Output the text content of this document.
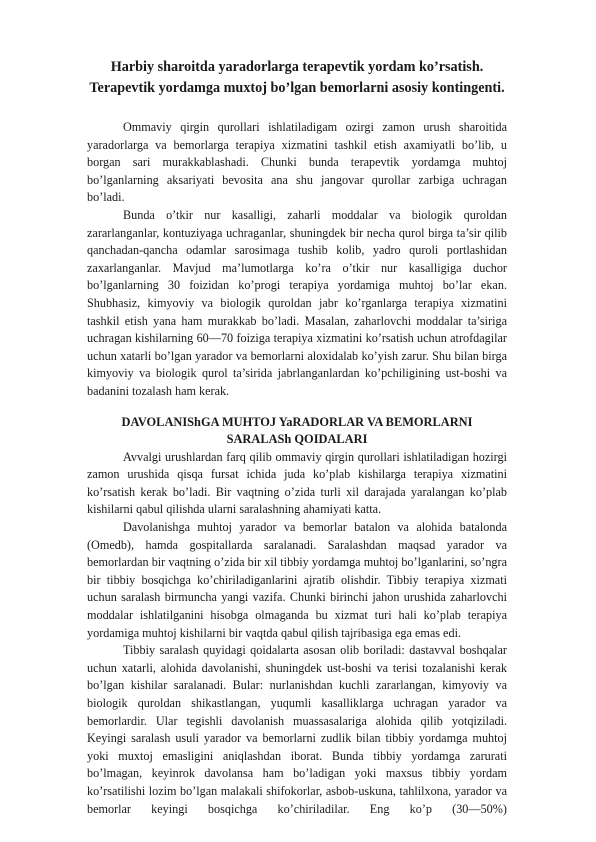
Harbiy sharoitda yaradorlarga terapevtik yordam ko’rsatish.
Terapevtik yordamga muxtoj bo’lgan bemorlarni asosiy kontingenti.

Ommaviy qirgin qurollari ishlatiladigam ozirgi zamon urush sharoitida yaradorlarga va bemorlarga terapiya xizmatini tashkil etish axamiyatli bo’lib, u borgan sari murakkablashadi. Chunki bunda terapevtik yordamga muhtoj bo’lganlarning aksariyati bevosita ana shu jangovar qurollar zarbiga uchragan bo’ladi.

Bunda o’tkir nur kasalligi, zaharli moddalar va biologik quroldan zararlanganlar, kontuziyaga uchraganlar, shuningdek bir necha qurol birga ta’sir qilib qanchadan-qancha odamlar sarosimaga tushib kolib, yadro quroli portlashidan zaxarlanganlar. Mavjud ma’lumotlarga ko’ra o’tkir nur kasalligiga duchor bo’lganlarning 30 foizidan ko’progi terapiya yordamiga muhtoj bo’lar ekan. Shubhasiz, kimyoviy va biologik quroldan jabr ko’rganlarga terapiya xizmatini tashkil etish yana ham murakkab bo’ladi. Masalan, zaharlovchi moddalar ta’siriga uchragan kishilarning 60—70 foiziga terapiya xizmatini ko’rsatish uchun atrofdagilar uchun xatarli bo’lgan yarador va bemorlarni aloxidalab ko’yish zarur. Shu bilan birga kimyoviy va biologik qurol ta’sirida jabrlanganlardan ko’pchiligining ust-boshi va badanini tozalash ham kerak.

DAVOLANIShGA MUHTOJ YaRADORLAR VA BEMORLARNI
SARALASh QOIDALARI

Avvalgi urushlardan farq qilib ommaviy qirgin qurollari ishlatiladigan hozirgi zamon urushida qisqa fursat ichida juda ko’plab kishilarga terapiya xizmatini ko’rsatish kerak bo’ladi. Bir vaqtning o’zida turli xil darajada yaralangan ko’plab kishilarni qabul qilishda ularni saralashning ahamiyati katta.

Davolanishga muhtoj yarador va bemorlar batalon va alohida batalonda (Omedb), hamda gospitallarda saralanadi. Saralashdan maqsad yarador va bemorlardan bir vaqtning o’zida bir xil tibbiy yordamga muhtoj bo’lganlarini, so’ngra bir tibbiy bosqichga ko’chiriladiganlarini ajratib olishdir. Tibbiy terapiya xizmati uchun saralash birmuncha yangi vazifa. Chunki birinchi jahon urushida zaharlovchi moddalar ishlatilganini hisobga olmaganda bu xizmat turi hali ko’plab terapiya yordamiga muhtoj kishilarni bir vaqtda qabul qilish tajribasiga ega emas edi.

Tibbiy saralash quyidagi qoidalarta asosan olib boriladi: dastavval boshqalar uchun xatarli, alohida davolanishi, shuningdek ust-boshi va terisi tozalanishi kerak bo’lgan kishilar saralanadi. Bular: nurlanishdan kuchli zararlangan, kimyoviy va biologik quroldan shikastlangan, yuqumli kasalliklarga uchragan yarador va bemorlardir. Ular tegishli davolanish muassasalariga alohida qilib yotqiziladi. Keyingi saralash usuli yarador va bemorlarni zudlik bilan tibbiy yordamga muhtoj yoki muxtoj emasligini aniqlashdan iborat. Bunda tibbiy yordamga zarurati bo’lmagan, keyinrok davolansa ham bo’ladigan yoki maxsus tibbiy yordam ko’rsatilishi lozim bo’lgan malakali shifokorlar, asbob-uskuna, tahlilxona, yarador va bemorlar keyingi bosqichga ko’chiriladilar. Eng ko’p (30—50%)
